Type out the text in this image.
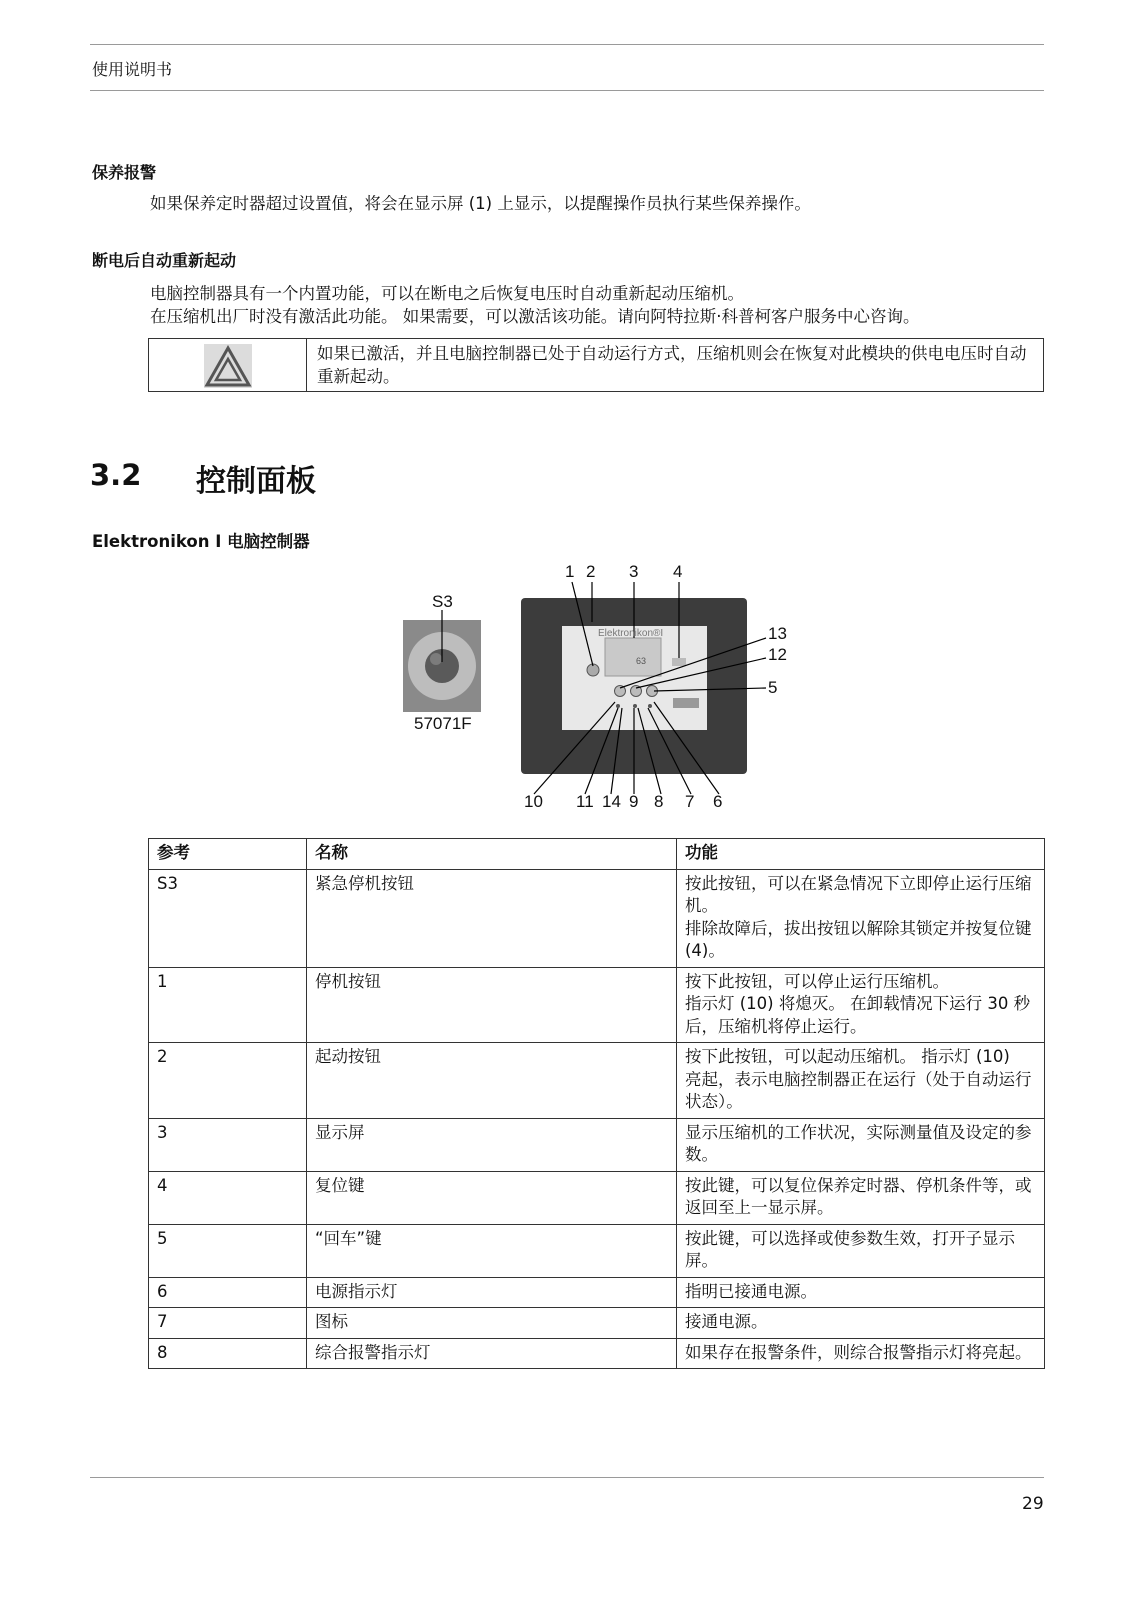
使用说明书
保养报警
如果保养定时器超过设置值，将会在显示屏 (1) 上显示，以提醒操作员执行某些保养操作。
断电后自动重新起动
电脑控制器具有一个内置功能，可以在断电之后恢复电压时自动重新起动压缩机。
在压缩机出厂时没有激活此功能。 如果需要，可以激活该功能。请向阿特拉斯·科普柯客户服务中心咨询。
如果已激活，并且电脑控制器已处于自动运行方式，压缩机则会在恢复对此模块的供电电压时自动重新起动。
3.2 控制面板
Elektronikon I 电脑控制器
S3
57071F
Elektronikon®I
63
1 2 3 4
13
12
5
10 11 14 9 8 7 6
参考	名称	功能
S3	紧急停机按钮	按此按钮，可以在紧急情况下立即停止运行压缩机。
排除故障后，拔出按钮以解除其锁定并按复位键 (4)。
1	停机按钮	按下此按钮，可以停止运行压缩机。
指示灯 (10) 将熄灭。 在卸载情况下运行 30 秒后，压缩机将停止运行。
2	起动按钮	按下此按钮，可以起动压缩机。 指示灯 (10)
亮起，表示电脑控制器正在运行（处于自动运行状态）。
3	显示屏	显示压缩机的工作状况，实际测量值及设定的参数。
4	复位键	按此键，可以复位保养定时器、停机条件等，或返回至上一显示屏。
5	“回车”键	按此键，可以选择或使参数生效，打开子显示屏。
6	电源指示灯	指明已接通电源。
7	图标	接通电源。
8	综合报警指示灯	如果存在报警条件，则综合报警指示灯将亮起。
29
